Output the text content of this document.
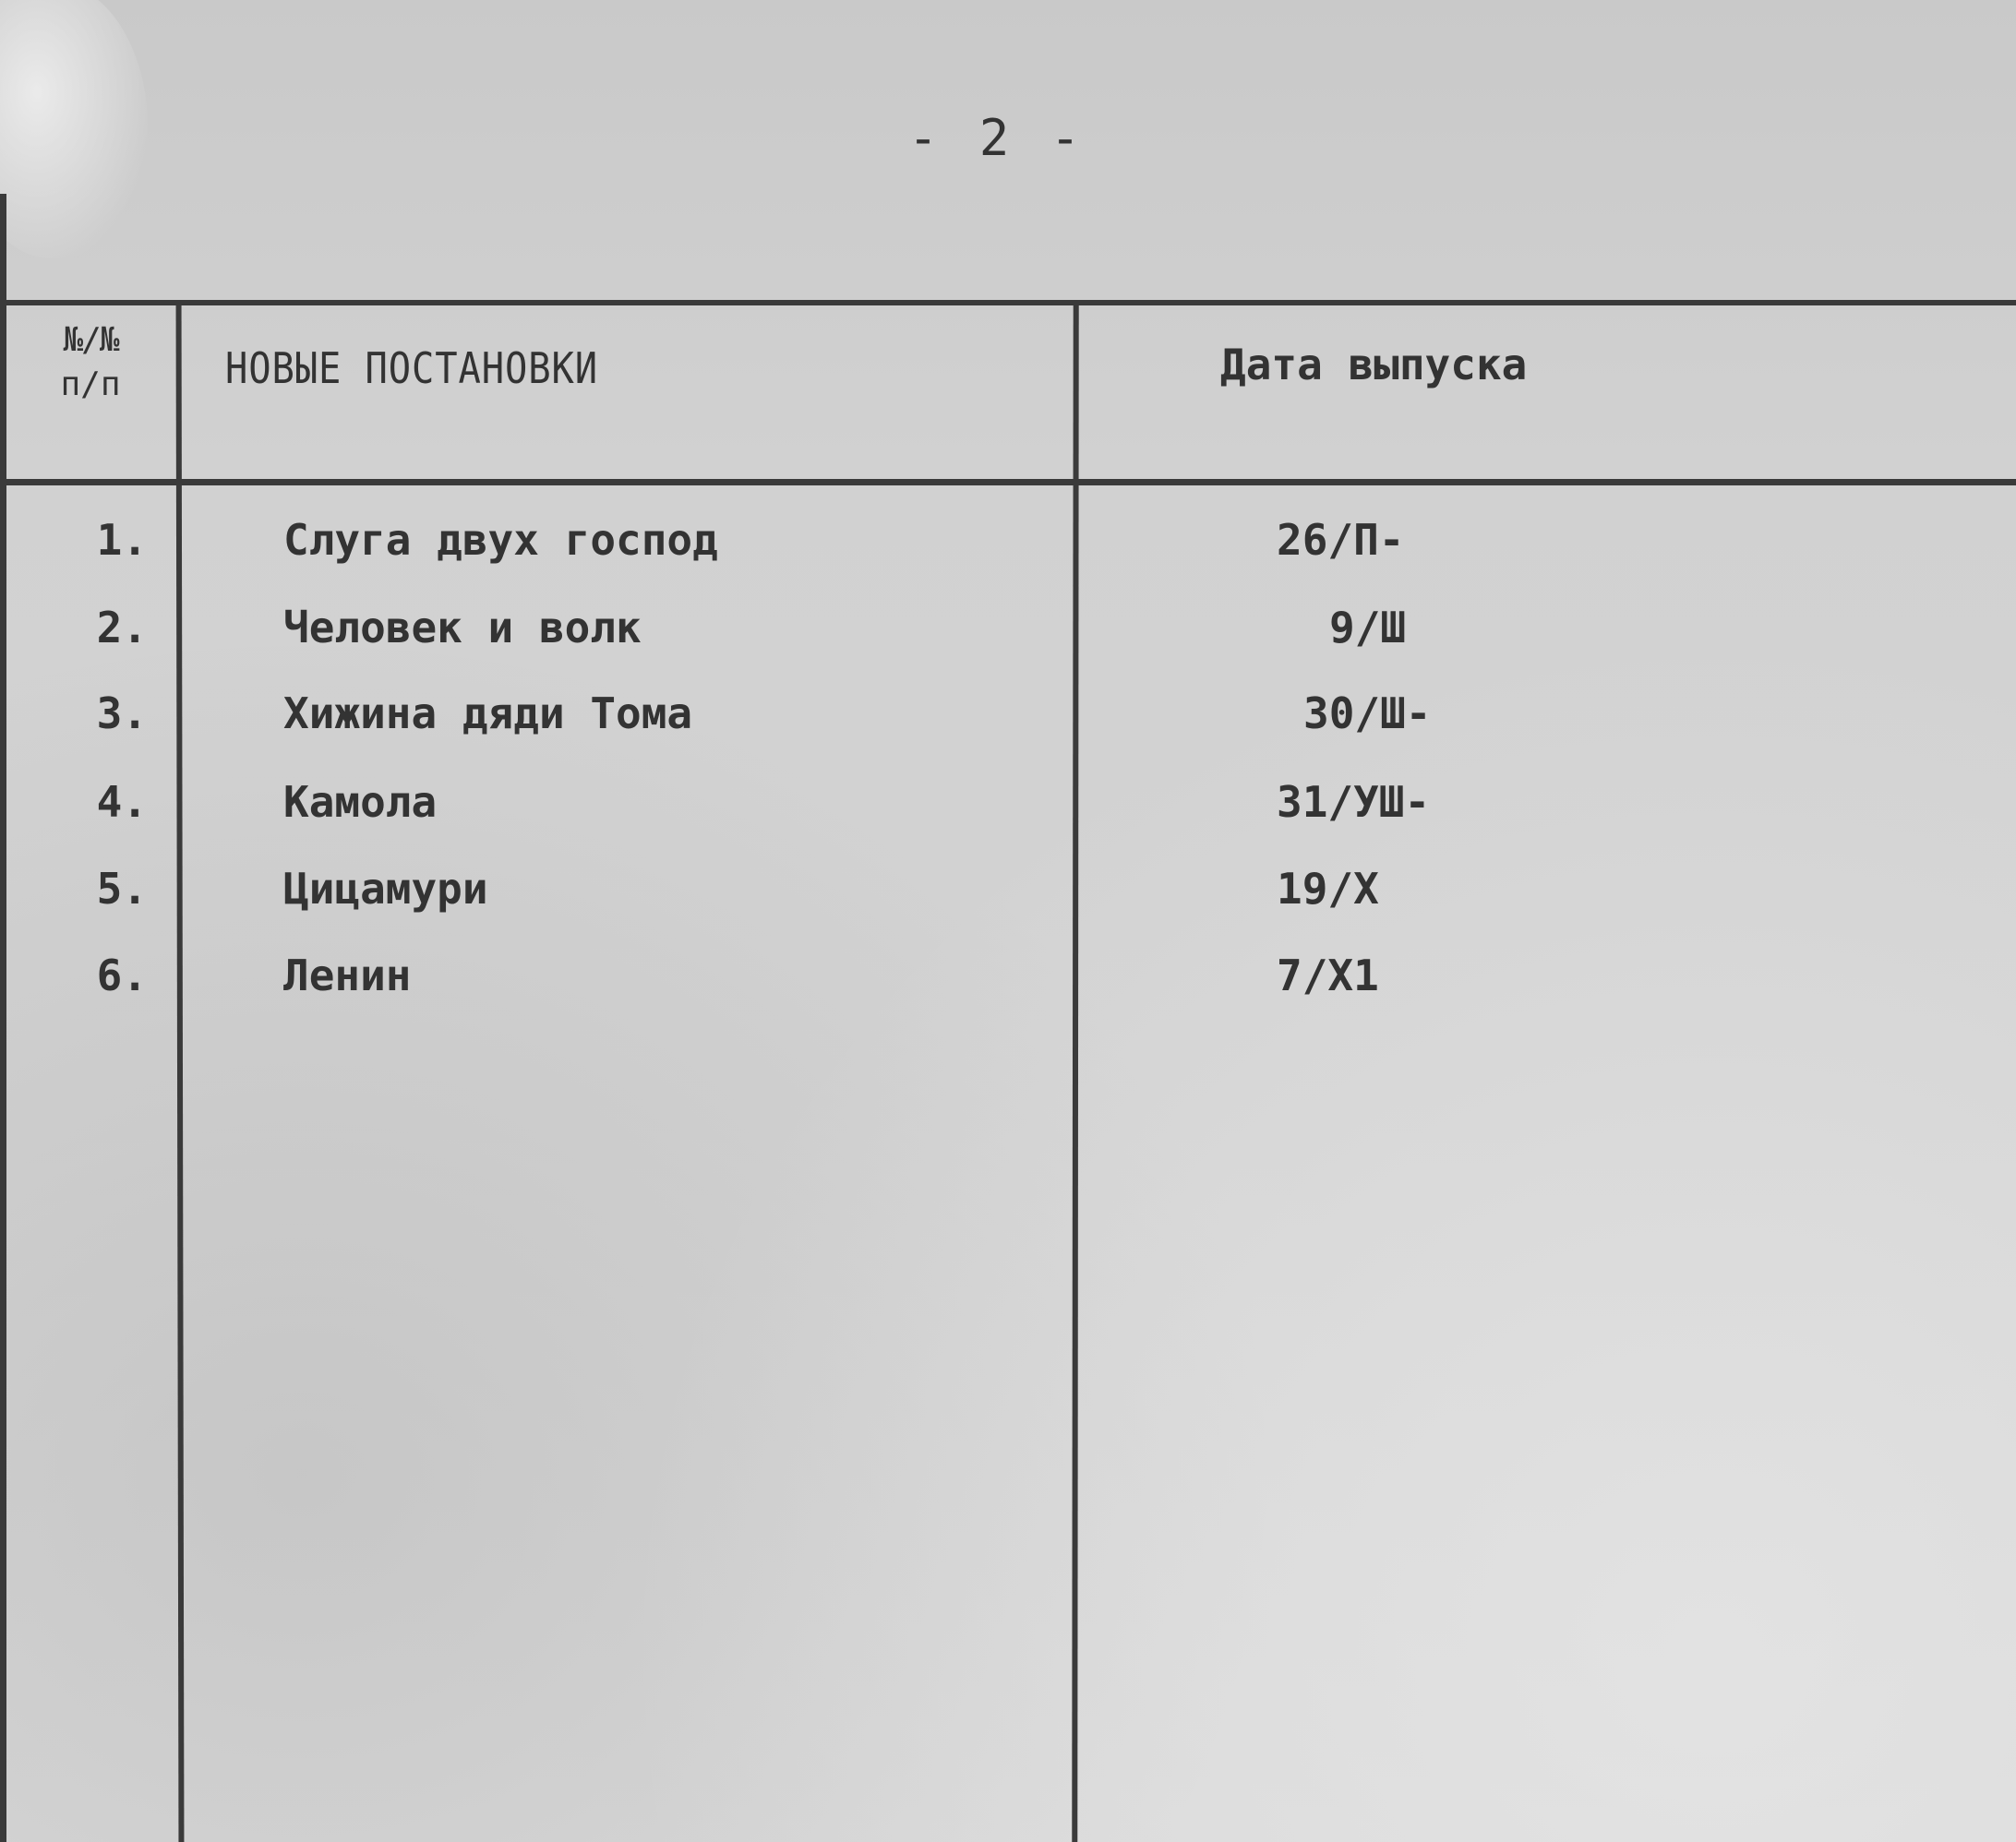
- 2 -
№/№
п/п	НОВЫЕ ПОСТАНОВКИ	Дата выпуска
1.	Слуга двух господ	26/П-
2.	Человек и волк	9/Ш
3.	Хижина дяди Тома	30/Ш-
4.	Камола	31/УШ-
5.	Цицамури	19/Х
6.	Ленин	7/Х1
